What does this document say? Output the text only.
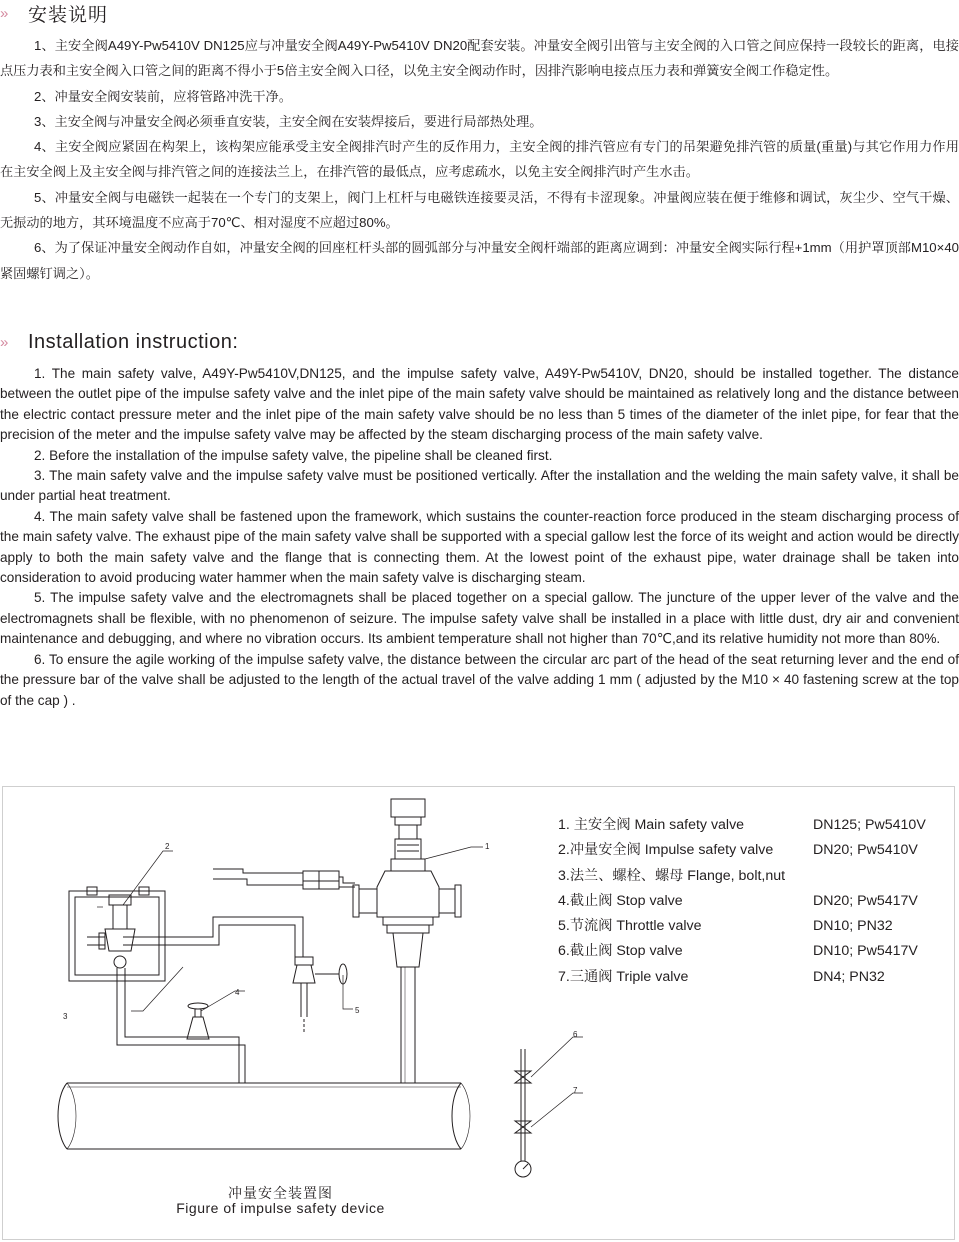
»	安装说明

1、主安全阀A49Y-Pw5410V DN125应与冲量安全阀A49Y-Pw5410V DN20配套安装。冲量安全阀引出管与主安全阀的入口管之间应保持一段较长的距离，电接点压力表和主安全阀入口管之间的距离不得小于5倍主安全阀入口径，以免主安全阀动作时，因排汽影响电接点压力表和弹簧安全阀工作稳定性。

2、冲量安全阀安装前，应将管路冲洗干净。

3、主安全阀与冲量安全阀必须垂直安装，主安全阀在安装焊接后，要进行局部热处理。

4、主安全阀应紧固在构架上，该构架应能承受主安全阀排汽时产生的反作用力，主安全阀的排汽管应有专门的吊架避免排汽管的质量(重量)与其它作用力作用在主安全阀上及主安全阀与排汽管之间的连接法兰上，在排汽管的最低点，应考虑疏水，以免主安全阀排汽时产生水击。

5、冲量安全阀与电磁铁一起装在一个专门的支架上，阀门上杠杆与电磁铁连接要灵活，不得有卡涩现象。冲量阀应装在便于维修和调试，灰尘少、空气干燥、无振动的地方，其环境温度不应高于70℃、相对湿度不应超过80%。

6、为了保证冲量安全阀动作自如，冲量安全阀的回座杠杆头部的圆弧部分与冲量安全阀杆端部的距离应调到：冲量安全阀实际行程+1mm（用护罩顶部M10×40紧固螺钉调之）。

»	Installation instruction:

1. The main safety valve, A49Y-Pw5410V,DN125, and the impulse safety valve, A49Y-Pw5410V, DN20, should be installed together. The distance between the outlet pipe of the impulse safety valve and the inlet pipe of the main safety valve should be maintained as relatively long and the distance between the electric contact pressure meter and the inlet pipe of the main safety valve should be no less than 5 times of the diameter of the inlet pipe, for fear that the precision of the meter and the impulse safety valve may be affected by the steam discharging process of the main safety valve.

2. Before the installation of the impulse safety valve, the pipeline shall be cleaned first.

3. The main safety valve and the impulse safety valve must be positioned vertically. After the installation and the welding the main safety valve, it shall be under partial heat treatment.

4. The main safety valve shall be fastened upon the framework, which sustains the counter-reaction force produced in the steam discharging process of the main safety valve. The exhaust pipe of the main safety valve shall be supported with a special gallow lest the force of its weight and action would be directly apply to both the main safety valve and the flange that is connecting them. At the lowest point of the exhaust pipe, water drainage shall be taken into consideration to avoid producing water hammer when the main safety valve is discharging steam.

5. The impulse safety valve and the electromagnets shall be placed together on a special gallow. The juncture of the upper lever of the valve and the electromagnets shall be flexible, with no phenomenon of seizure. The impulse safety valve shall be installed in a place with little dust, dry air and convenient maintenance and debugging, and where no vibration occurs. Its ambient temperature shall not higher than 70℃,and its relative humidity not more than 80%.

6. To ensure the agile working of the impulse safety valve, the distance between the circular arc part of the head of the seat returning lever and the end of the pressure bar of the valve shall be adjusted to the length of the actual travel of the valve adding 1 mm ( adjusted by the M10 × 40 fastening screw at the top of the cap ) .

1
2
3
4
5
6
7
1. 主安全阀 Main safety valve	DN125; Pw5410V
2.冲量安全阀 Impulse safety valve	DN20; Pw5410V
3.法兰、螺栓、螺母 Flange, bolt,nut
4.截止阀 Stop valve	DN20; Pw5417V
5.节流阀 Throttle valve	DN10; PN32
6.截止阀 Stop valve	DN10; Pw5417V
7.三通阀 Triple valve	DN4; PN32
冲量安全装置图
Figure of impulse safety device
